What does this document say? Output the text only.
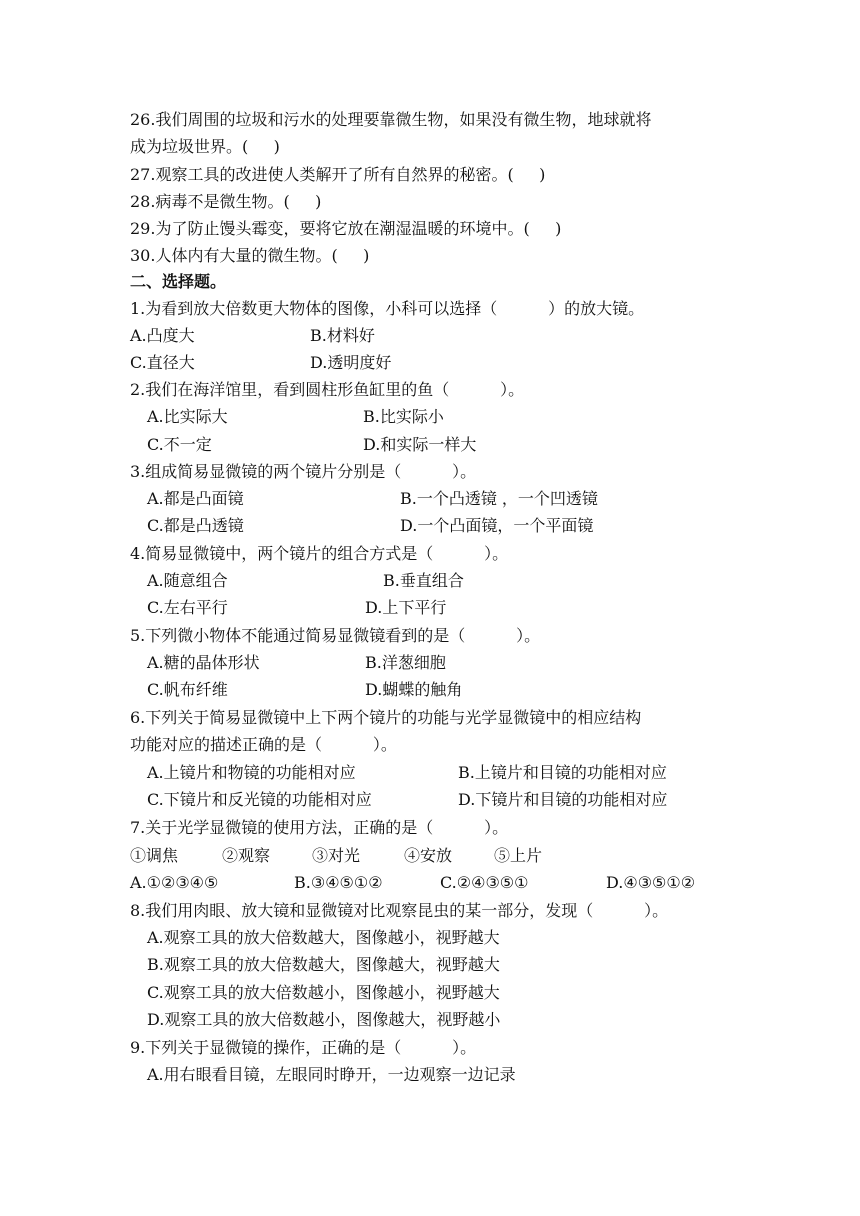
26.我们周围的垃圾和污水的处理要靠微生物，如果没有微生物，地球就将
成为垃圾世界。(     )
27.观察工具的改进使人类解开了所有自然界的秘密。(     )
28.病毒不是微生物。(     )
29.为了防止馒头霉变，要将它放在潮湿温暖的环境中。(     )
30.人体内有大量的微生物。(     )
二、选择题。
1.为看到放大倍数更大物体的图像，小科可以选择（          ）的放大镜。
A.凸度大	B.材料好
C.直径大	D.透明度好
2.我们在海洋馆里，看到圆柱形鱼缸里的鱼（          ）。
A.比实际大	B.比实际小
C.不一定	D.和实际一样大
3.组成简易显微镜的两个镜片分别是（          ）。
A.都是凸面镜	B.一个凸透镜 ，一个凹透镜
C.都是凸透镜	D.一个凸面镜，一个平面镜
4.简易显微镜中，两个镜片的组合方式是（          ）。
A.随意组合	B.垂直组合
C.左右平行	D.上下平行
5.下列微小物体不能通过简易显微镜看到的是（          ）。
A.糖的晶体形状	B.洋葱细胞
C.帆布纤维	D.蝴蝶的触角
6.下列关于简易显微镜中上下两个镜片的功能与光学显微镜中的相应结构
功能对应的描述正确的是（          ）。
A.上镜片和物镜的功能相对应	B.上镜片和目镜的功能相对应
C.下镜片和反光镜的功能相对应	D.下镜片和目镜的功能相对应
7.关于光学显微镜的使用方法，正确的是（          ）。
①调焦	②观察	③对光	④安放	⑤上片
A.①②③④⑤	B.③④⑤①②	C.②④③⑤①	D.④③⑤①②
8.我们用肉眼、放大镜和显微镜对比观察昆虫的某一部分，发现（          ）。
A.观察工具的放大倍数越大，图像越小，视野越大
B.观察工具的放大倍数越大，图像越大，视野越大
C.观察工具的放大倍数越小，图像越小，视野越大
D.观察工具的放大倍数越小，图像越大，视野越小
9.下列关于显微镜的操作，正确的是（          ）。
A.用右眼看目镜，左眼同时睁开，一边观察一边记录
